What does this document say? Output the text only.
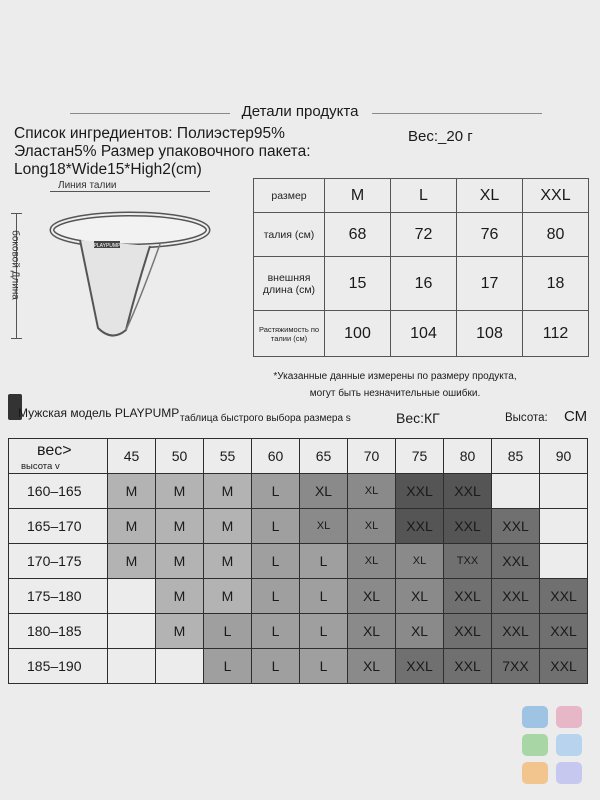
Детали продукта
Список ингредиентов: Полиэстер95%
Эластан5% Размер упаковочного пакета:
Long18*Wide15*High2(cm)
Вес:_20 г
Линия талии
боковой Длина	PLAYPUMP
размер	M	L	XL	XXL
талия (см)	68	72	76	80
внешняя длина (см)	15	16	17	18
Растяжимость по талии (см)	100	104	108	112
*Указанные данные измерены по размеру продукта,
могут быть незначительные ошибки.
Мужская модель PLAYPUMP таблица быстрого выбора размера s	Вес:КГ	Высота: СМ
вес>
высота v	45	50	55	60	65	70	75	80	85	90
160–165	M	M	M	L	XL	XL	XXL	XXL		
165–170	M	M	M	L	XL	XL	XXL	XXL	XXL	
170–175	M	M	M	L	L	XL	XL	TXX	XXL	
175–180		M	M	L	L	XL	XL	XXL	XXL	XXL
180–185		M	L	L	L	XL	XL	XXL	XXL	XXL
185–190			L	L	L	XL	XXL	XXL	7XX	XXL
